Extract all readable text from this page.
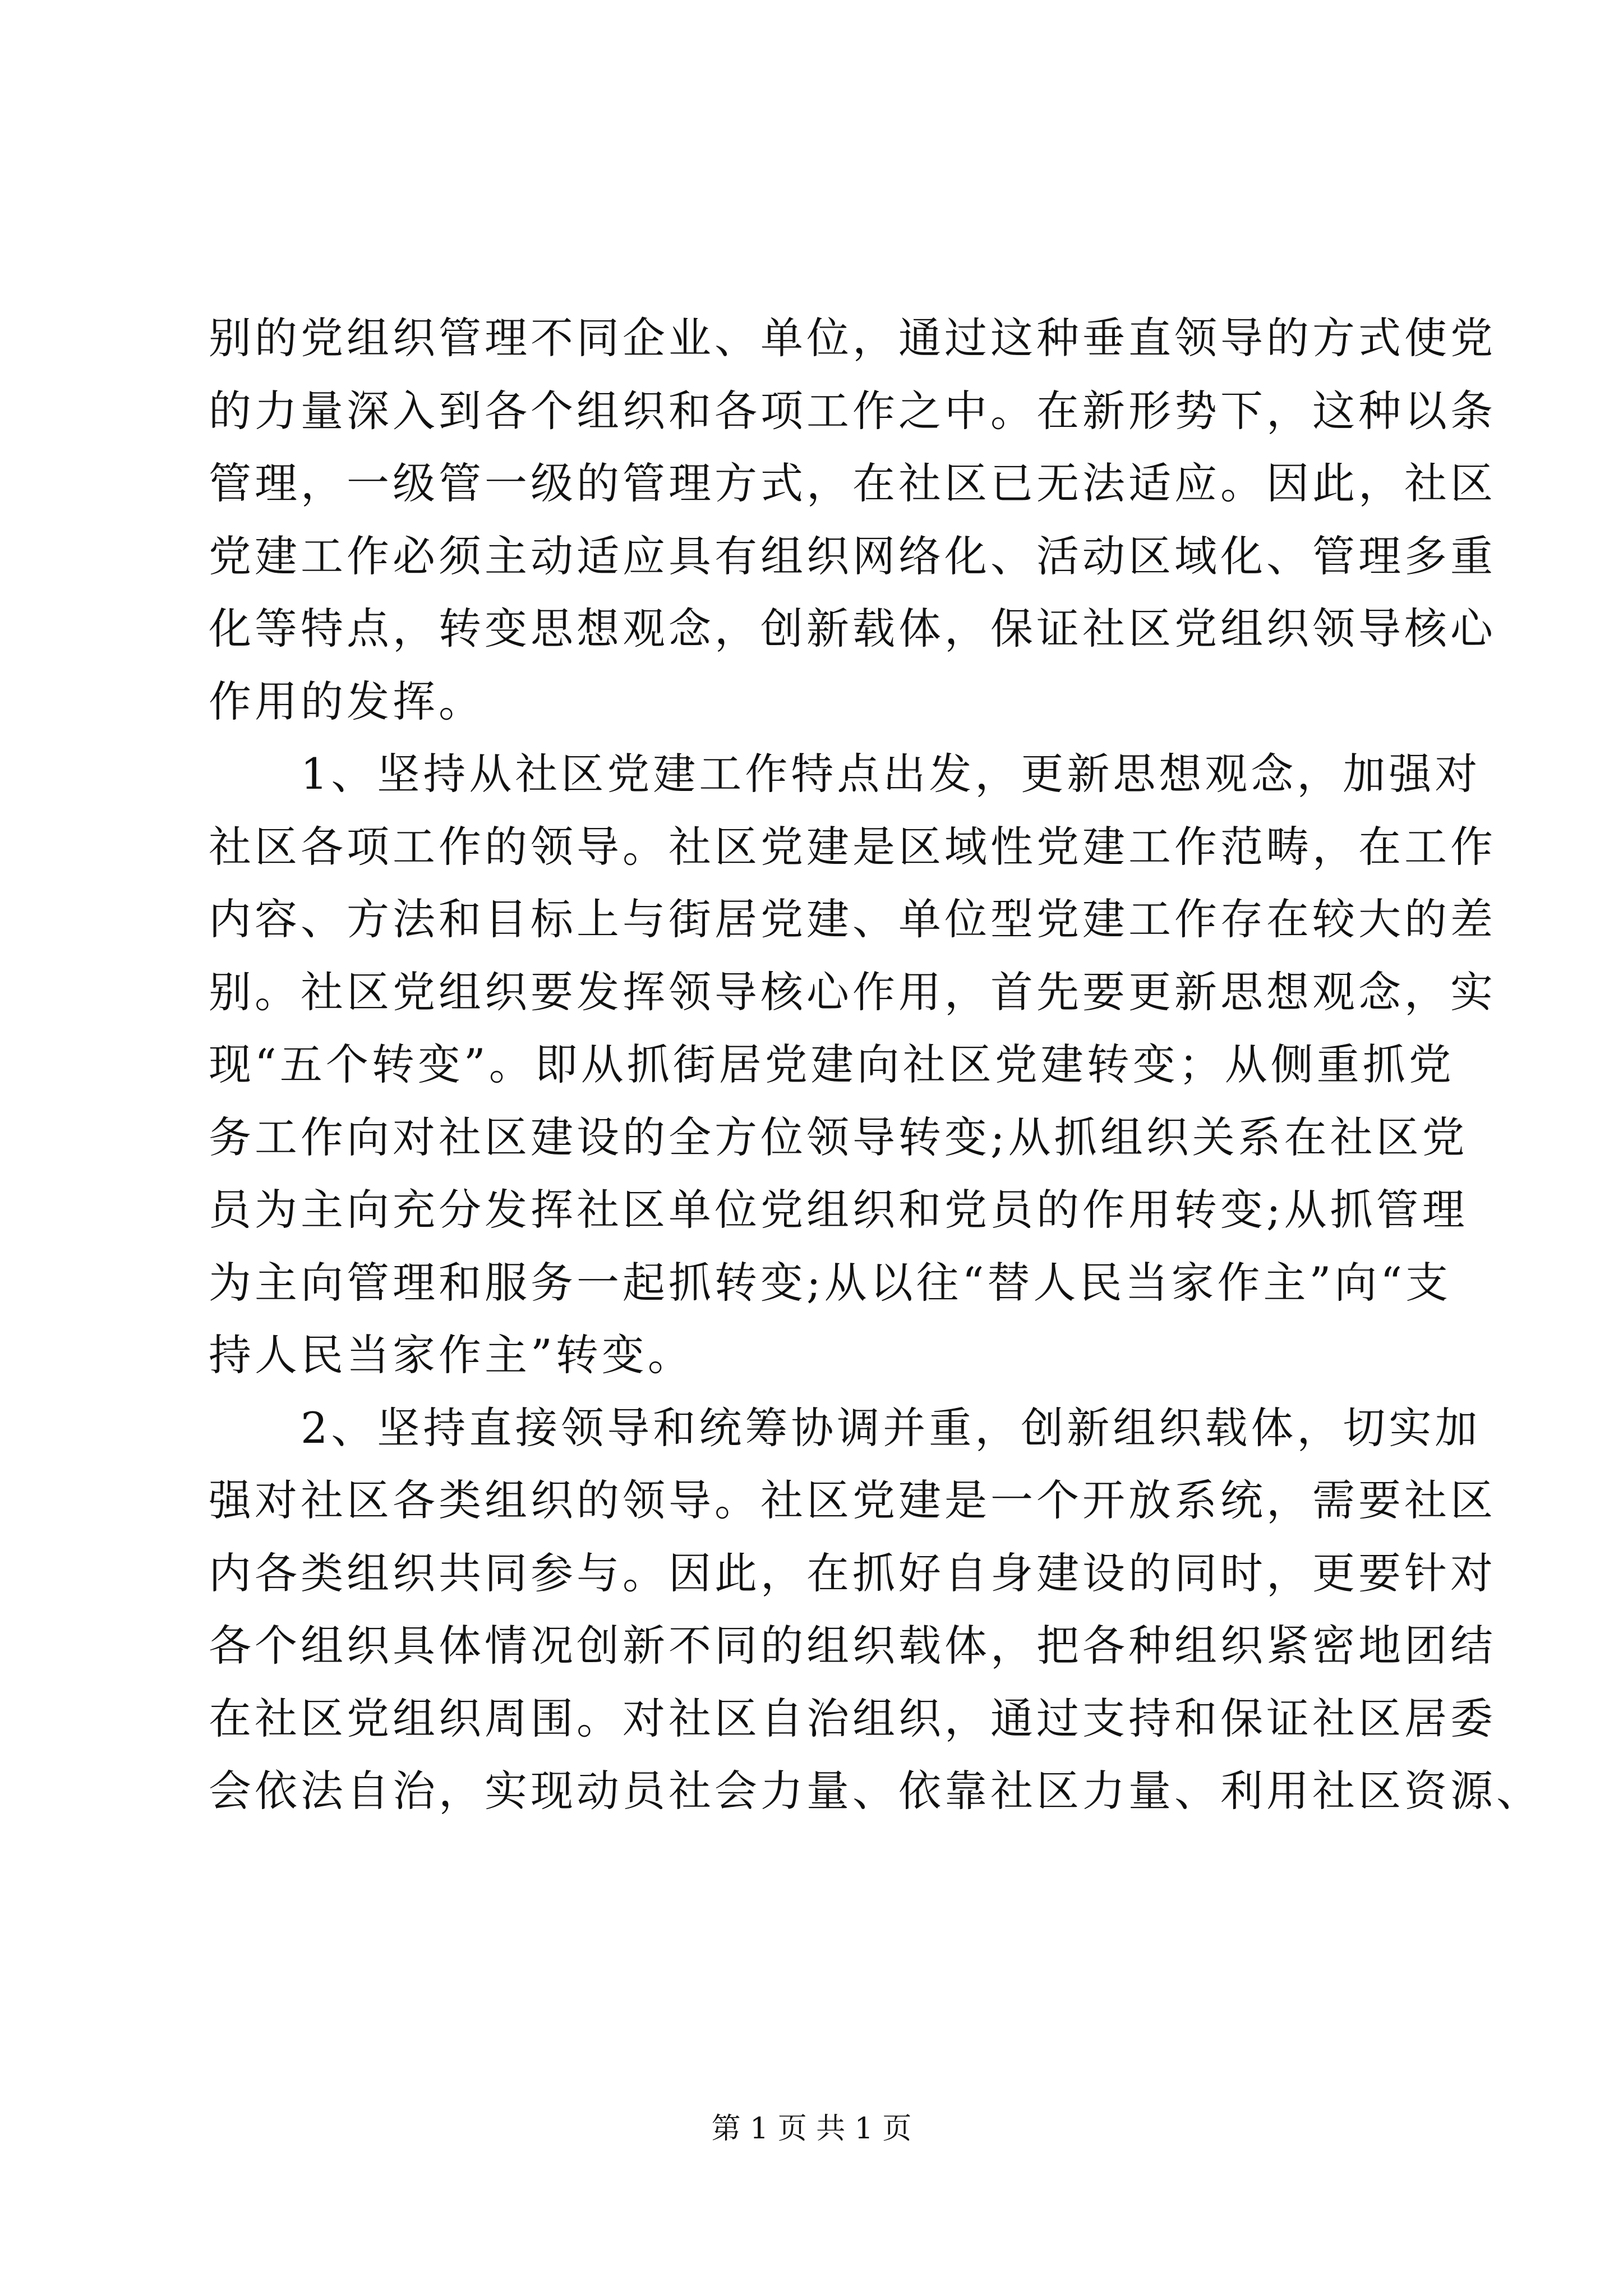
别的党组织管理不同企业、单位，通过这种垂直领导的方式使党
的力量深入到各个组织和各项工作之中。在新形势下，这种以条
管理，一级管一级的管理方式，在社区已无法适应。因此，社区
党建工作必须主动适应具有组织网络化、活动区域化、管理多重
化等特点，转变思想观念，创新载体，保证社区党组织领导核心
作用的发挥。
　　1、坚持从社区党建工作特点出发，更新思想观念，加强对
社区各项工作的领导。社区党建是区域性党建工作范畴，在工作
内容、方法和目标上与街居党建、单位型党建工作存在较大的差
别。社区党组织要发挥领导核心作用，首先要更新思想观念，实
现“五个转变”。即从抓街居党建向社区党建转变；从侧重抓党
务工作向对社区建设的全方位领导转变;从抓组织关系在社区党
员为主向充分发挥社区单位党组织和党员的作用转变;从抓管理
为主向管理和服务一起抓转变;从以往“替人民当家作主”向“支
持人民当家作主”转变。
　　2、坚持直接领导和统筹协调并重，创新组织载体，切实加
强对社区各类组织的领导。社区党建是一个开放系统，需要社区
内各类组织共同参与。因此，在抓好自身建设的同时，更要针对
各个组织具体情况创新不同的组织载体，把各种组织紧密地团结
在社区党组织周围。对社区自治组织，通过支持和保证社区居委
会依法自治，实现动员社会力量、依靠社区力量、利用社区资源、
第 1 页 共 1 页
